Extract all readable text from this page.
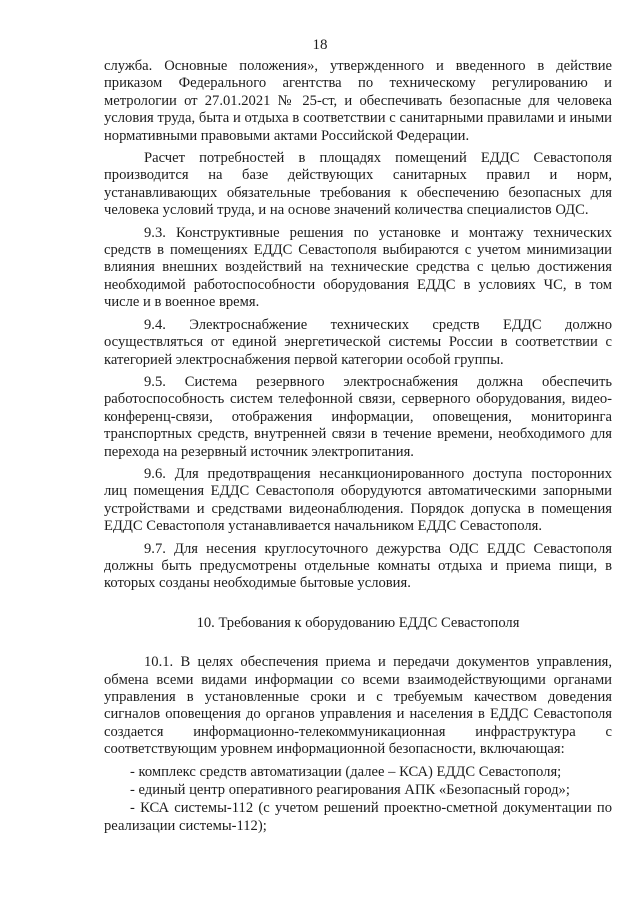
18

служба. Основные положения», утвержденного и введенного в действие приказом Федерального агентства по техническому регулированию и метрологии от 27.01.2021 № 25-ст, и обеспечивать безопасные для человека условия труда, быта и отдыха в соответствии с санитарными правилами и иными нормативными правовыми актами Российской Федерации.

Расчет потребностей в площадях помещений ЕДДС Севастополя производится на базе действующих санитарных правил и норм, устанавливающих обязательные требования к обеспечению безопасных для человека условий труда, и на основе значений количества специалистов ОДС.

9.3. Конструктивные решения по установке и монтажу технических средств в помещениях ЕДДС Севастополя выбираются с учетом минимизации влияния внешних воздействий на технические средства с целью достижения необходимой работоспособности оборудования ЕДДС в условиях ЧС, в том числе и в военное время.

9.4. Электроснабжение технических средств ЕДДС должно осуществляться от единой энергетической системы России в соответствии с категорией электроснабжения первой категории особой группы.

9.5. Система резервного электроснабжения должна обеспечить работоспособность систем телефонной связи, серверного оборудования, видео-конференц-связи, отображения информации, оповещения, мониторинга транспортных средств, внутренней связи в течение времени, необходимого для перехода на резервный источник электропитания.

9.6. Для предотвращения несанкционированного доступа посторонних лиц помещения ЕДДС Севастополя оборудуются автоматическими запорными устройствами и средствами видеонаблюдения. Порядок допуска в помещения ЕДДС Севастополя устанавливается начальником ЕДДС Севастополя.

9.7. Для несения круглосуточного дежурства ОДС ЕДДС Севастополя должны быть предусмотрены отдельные комнаты отдыха и приема пищи, в которых созданы необходимые бытовые условия.

10. Требования к оборудованию ЕДДС Севастополя

10.1. В целях обеспечения приема и передачи документов управления, обмена всеми видами информации со всеми взаимодействующими органами управления в установленные сроки и с требуемым качеством доведения сигналов оповещения до органов управления и населения в ЕДДС Севастополя создается информационно-телекоммуникационная инфраструктура с соответствующим уровнем информационной безопасности, включающая:

- комплекс средств автоматизации (далее – КСА) ЕДДС Севастополя;

- единый центр оперативного реагирования АПК «Безопасный город»;

- КСА системы-112 (с учетом решений проектно-сметной документации по реализации системы-112);
